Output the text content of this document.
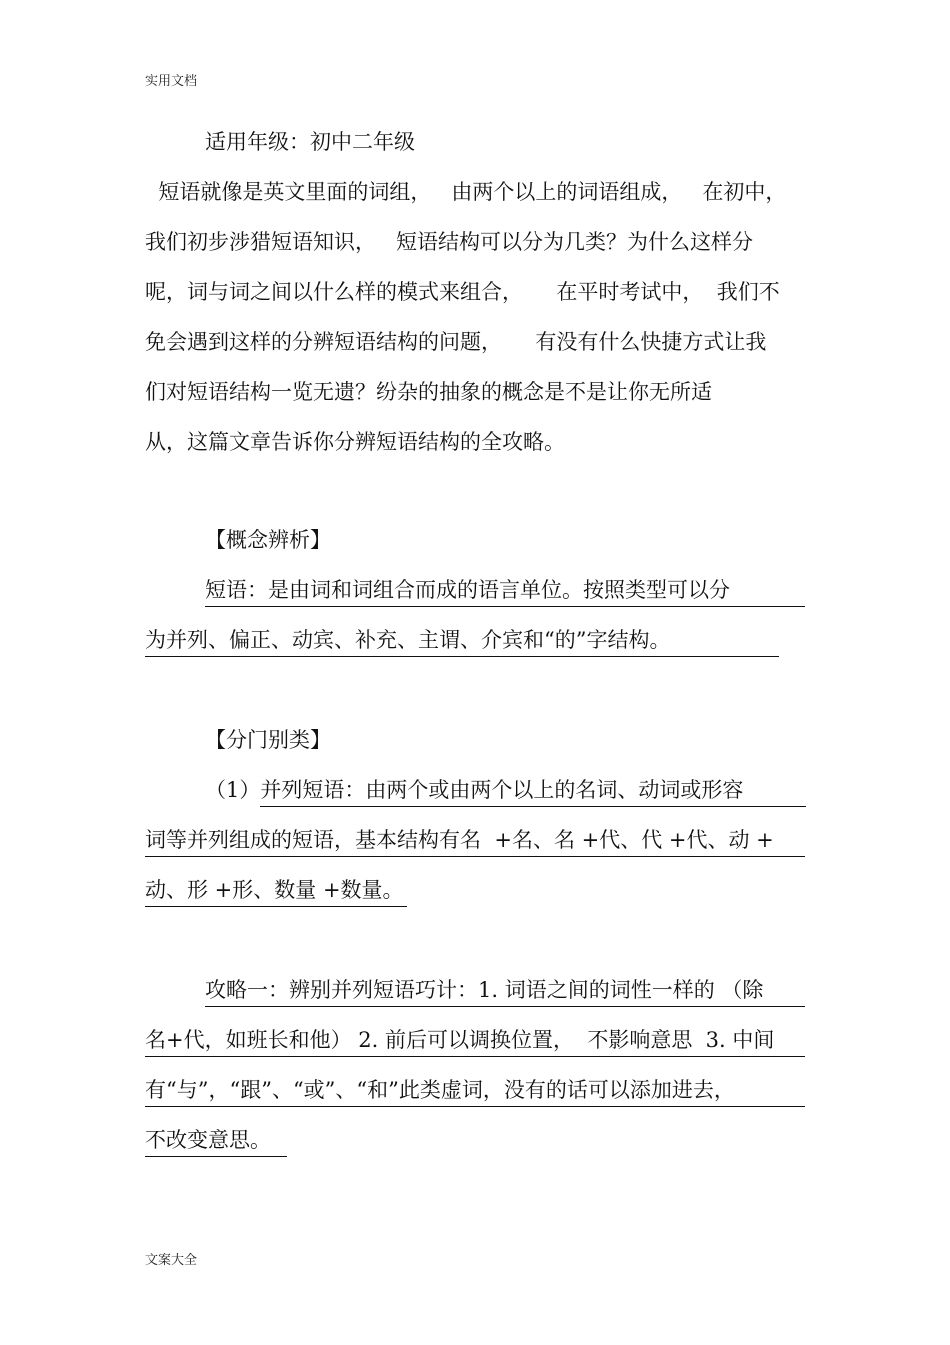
实用文档
适用年级：初中二年级
短语就像是英文里面的词组，   由两个以上的词语组成，   在初中，
我们初步涉猎短语知识，   短语结构可以分为几类？为什么这样分
呢，词与词之间以什么样的模式来组合，     在平时考试中，  我们不
免会遇到这样的分辨短语结构的问题，     有没有什么快捷方式让我
们对短语结构一览无遗？纷杂的抽象的概念是不是让你无所适
从，这篇文章告诉你分辨短语结构的全攻略。
【概念辨析】
短语：是由词和词组合而成的语言单位。按照类型可以分
为并列、偏正、动宾、补充、主谓、介宾和“的”字结构。
【分门别类】
（1）并列短语：由两个或由两个以上的名词、动词或形容
词等并列组成的短语，基本结构有名  +名、名 +代、代 +代、动 +
动、形 +形、数量 +数量。
攻略一：辨别并列短语巧计：1. 词语之间的词性一样的 （除
名+代，如班长和他） 2. 前后可以调换位置，  不影响意思  3. 中间
有“与”，“跟”、“或”、“和”此类虚词，没有的话可以添加进去，
不改变意思。
文案大全
